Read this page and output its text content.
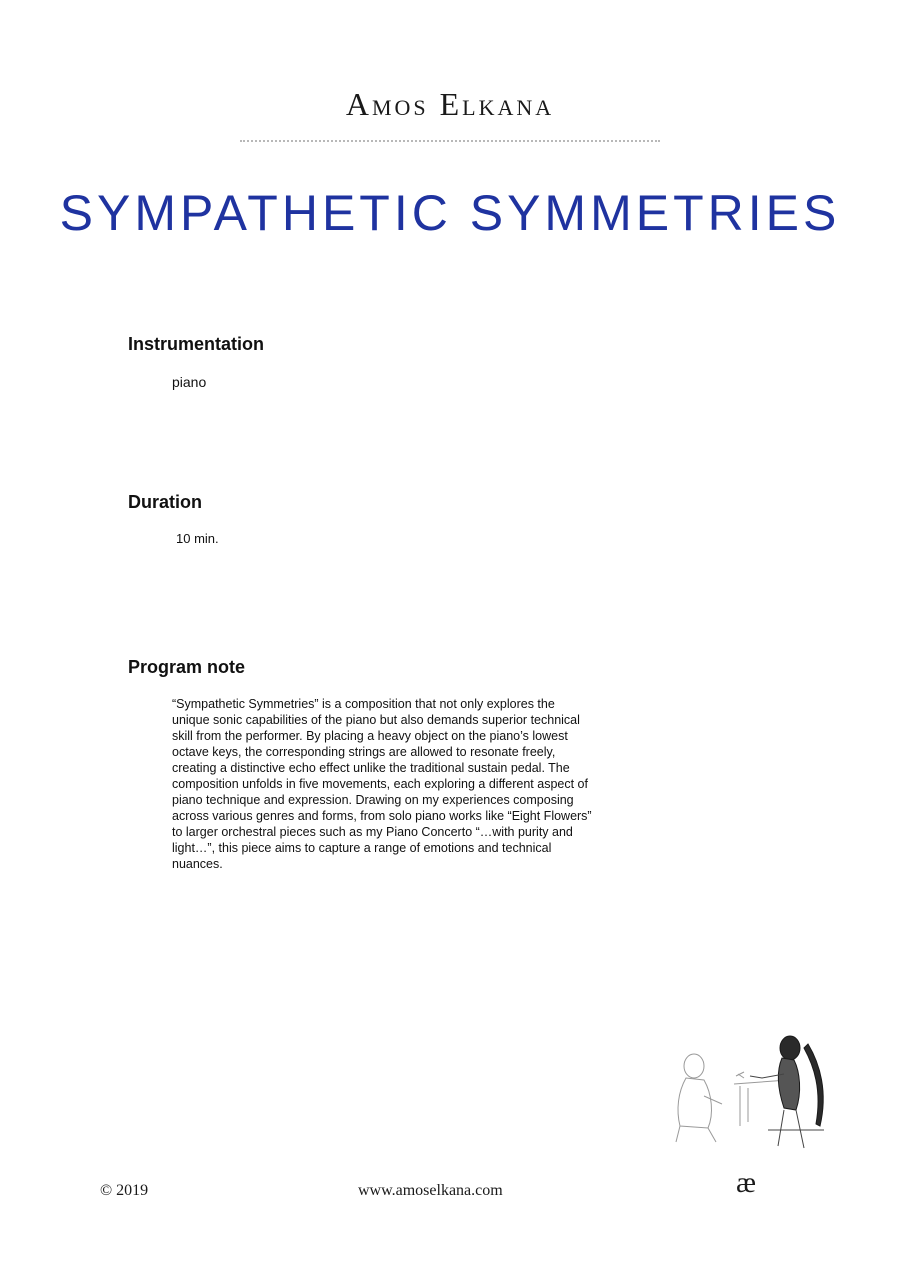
Amos Elkana
SYMPATHETIC SYMMETRIES
Instrumentation
piano
Duration
10 min.
Program note
“Sympathetic Symmetries” is a composition that not only explores the unique sonic capabilities of the piano but also demands superior technical skill from the performer. By placing a heavy object on the piano’s lowest octave keys, the corresponding strings are allowed to resonate freely, creating a distinctive echo effect unlike the traditional sustain pedal. The composition unfolds in five movements, each exploring a different aspect of piano technique and expression. Drawing on my experiences composing across various genres and forms, from solo piano works like “Eight Flowers” to larger orchestral pieces such as my Piano Concerto “…with purity and light…”, this piece aims to capture a range of emotions and technical nuances.
© 2019	www.amoselkana.com	æ
